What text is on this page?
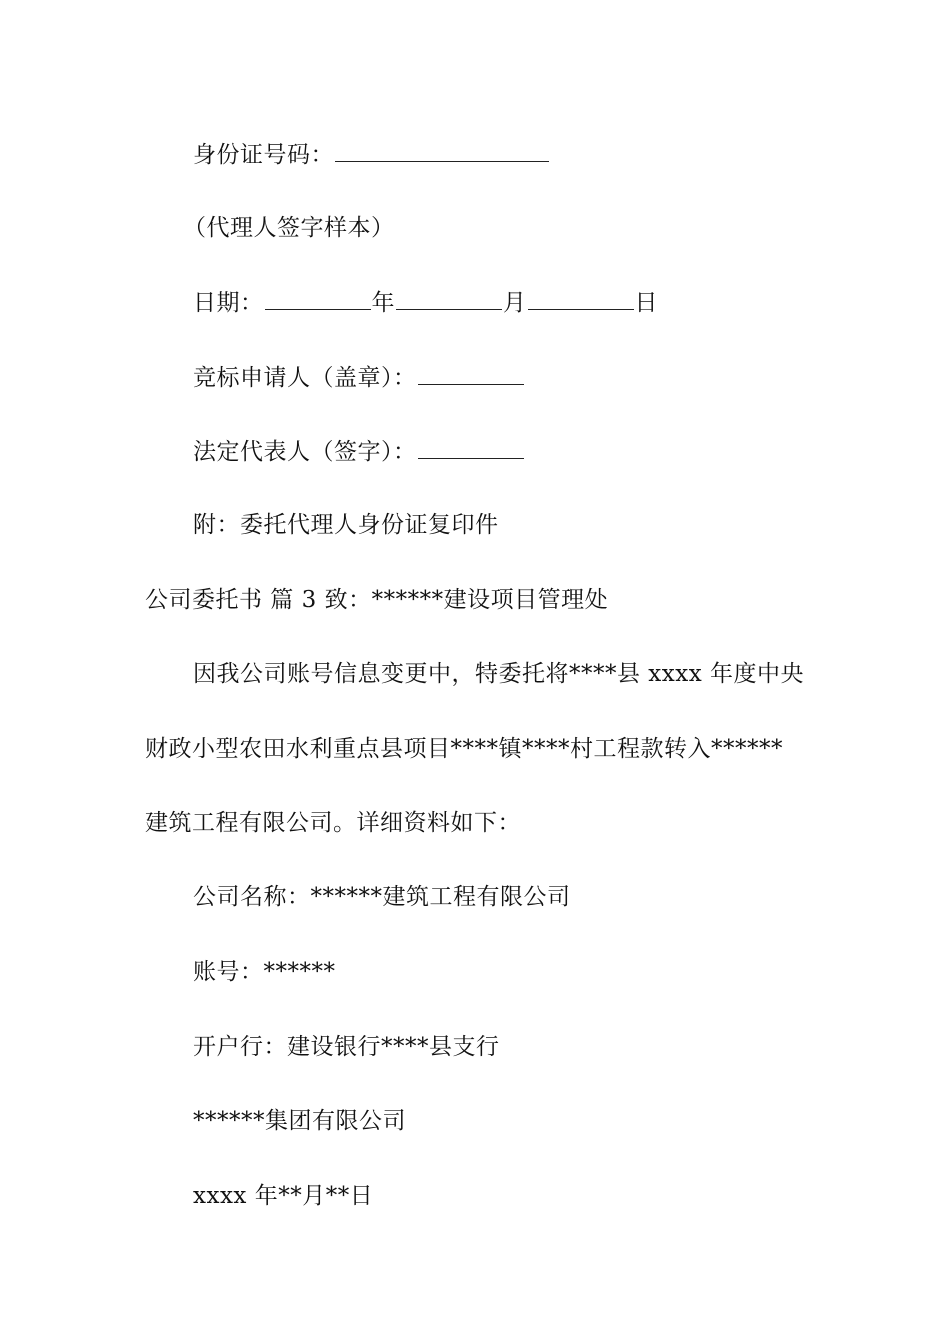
身份证号码：
（代理人签字样本）
日期：	年	月	日
竞标申请人（盖章）：
法定代表人（签字）：
附：委托代理人身份证复印件
公司委托书 篇 3 致：******建设项目管理处
因我公司账号信息变更中，特委托将****县 xxxx 年度中央
财政小型农田水利重点县项目****镇****村工程款转入******
建筑工程有限公司。详细资料如下：
公司名称：******建筑工程有限公司
账号：******
开户行：建设银行****县支行
******集团有限公司
xxxx 年**月**日
